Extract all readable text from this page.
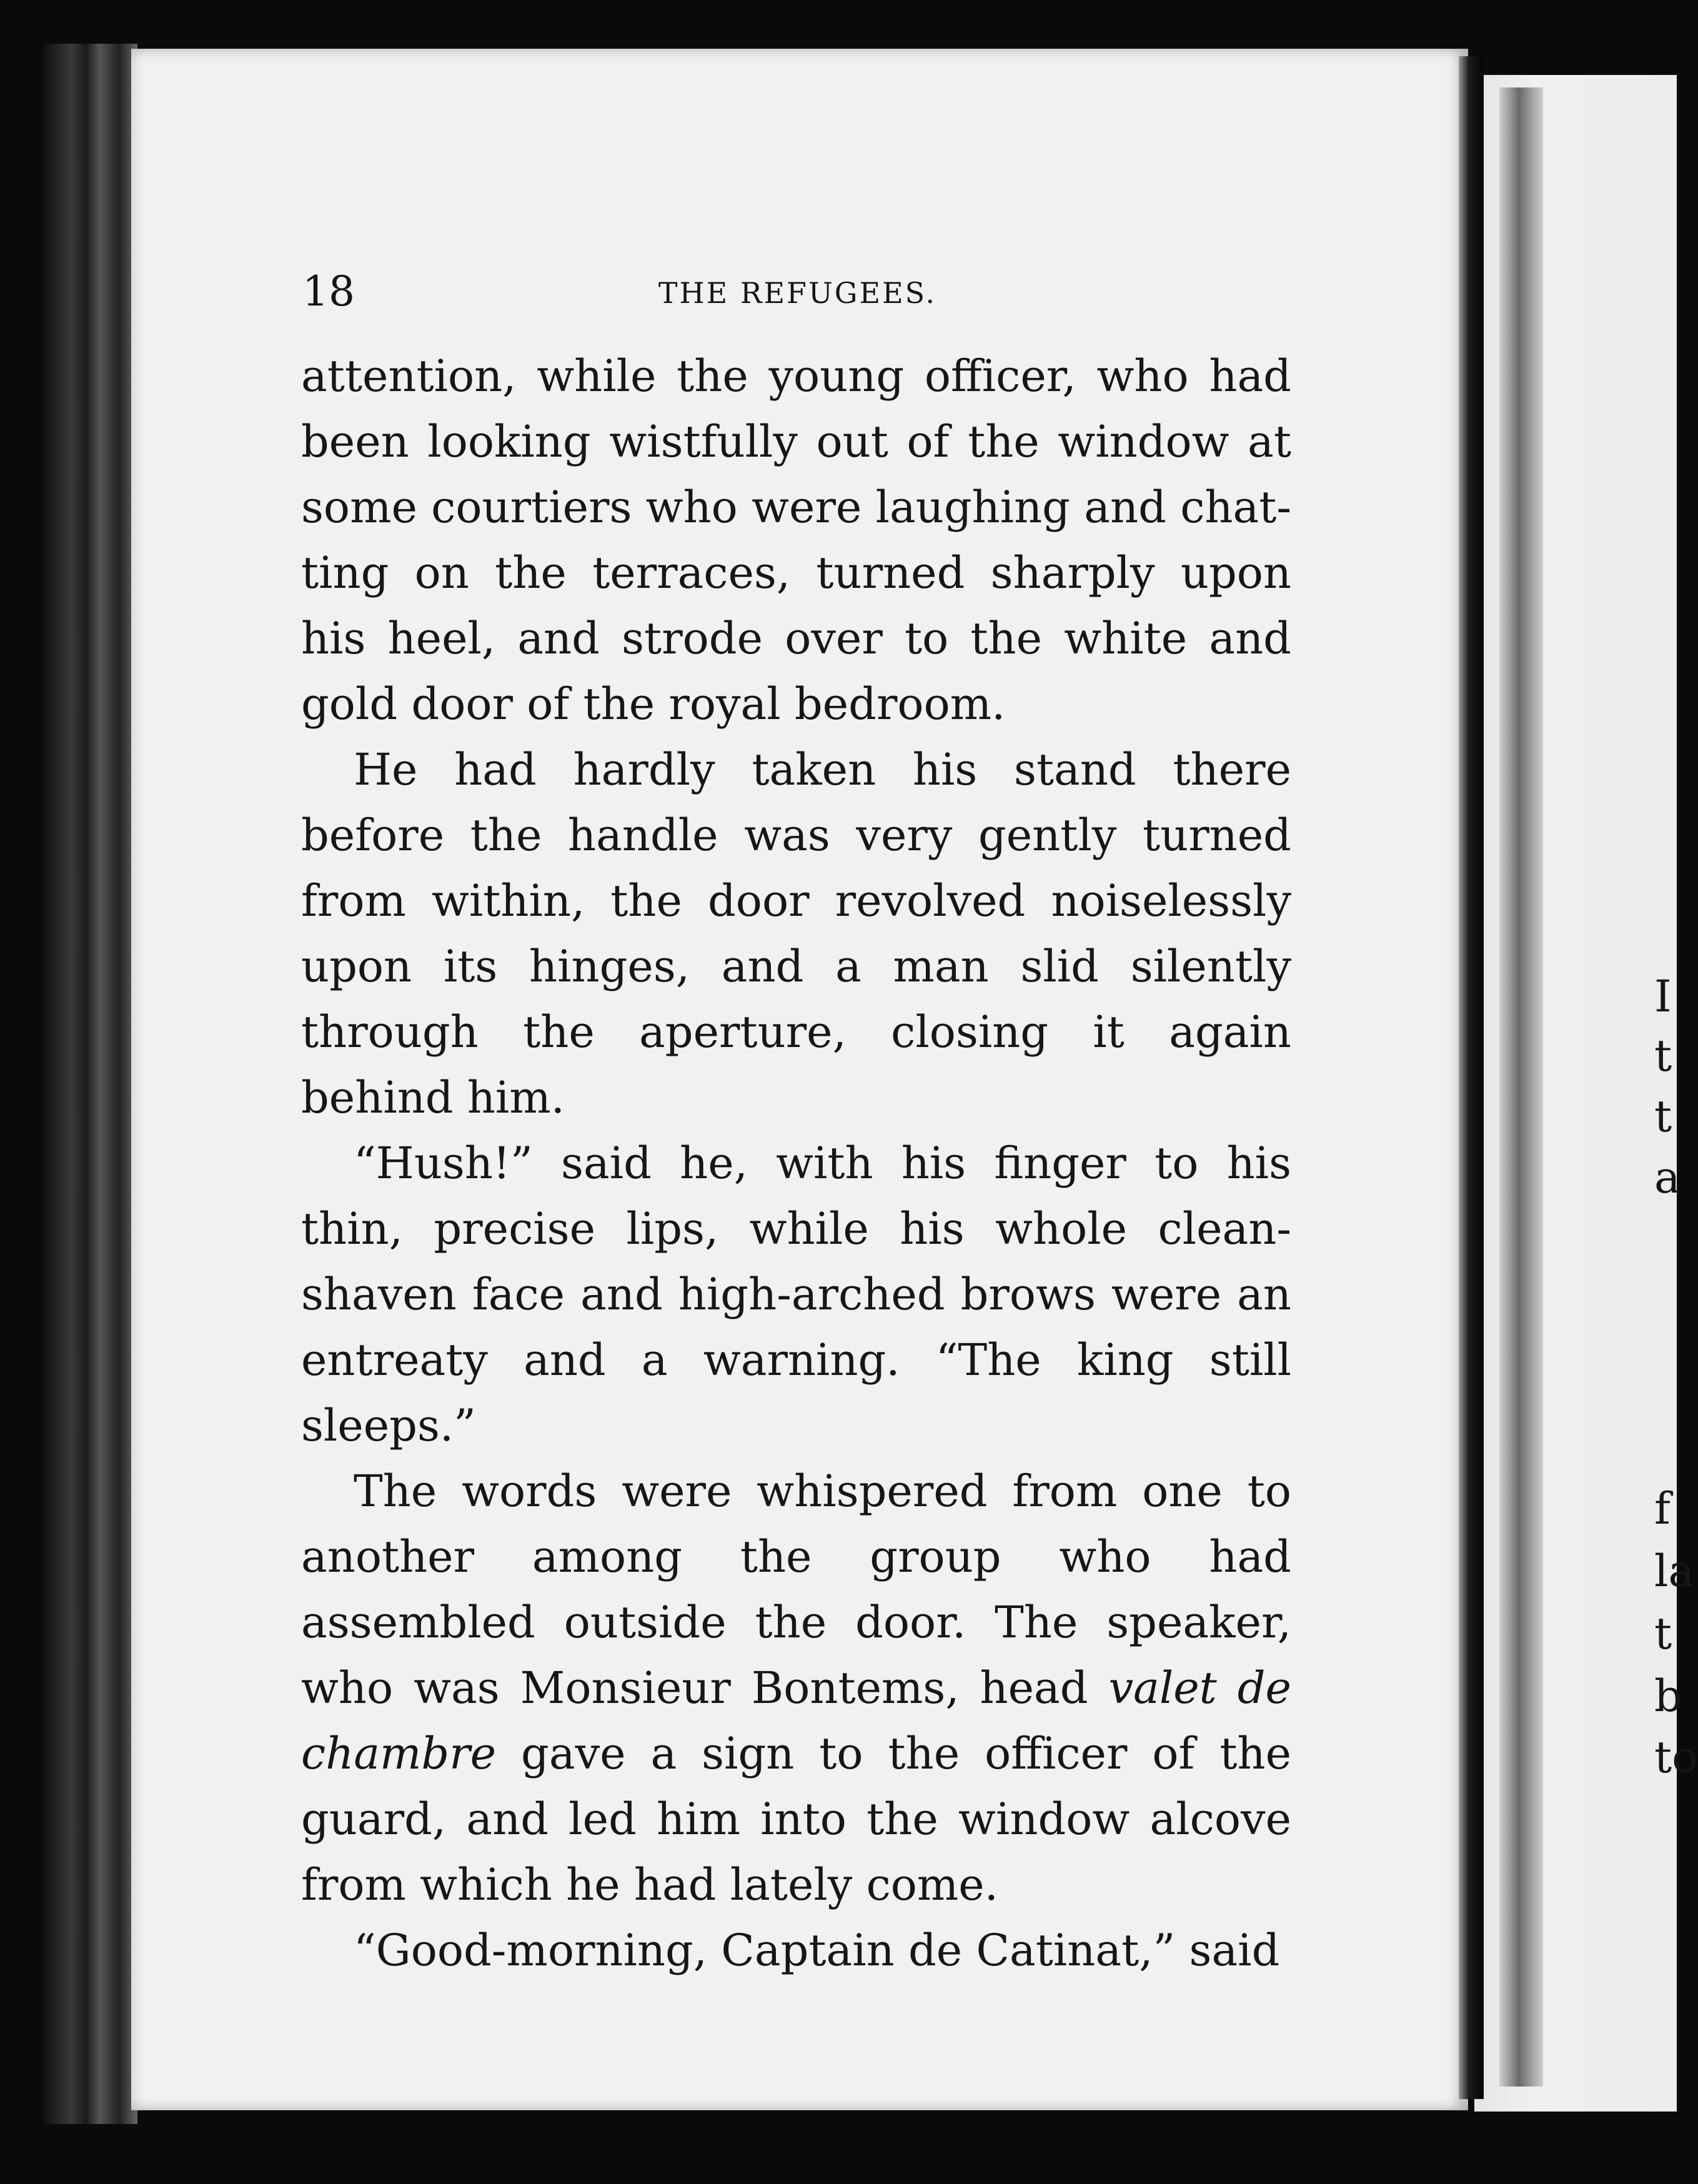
I
t
t
a
f
la
t
b
to
18	THE REFUGEES.

attention, while the young officer, who had been looking wistfully out of the window at some courtiers who were laughing and chatting on the terraces, turned sharply upon his heel, and strode over to the white and gold door of the royal bedroom.

He had hardly taken his stand there before the handle was very gently turned from within, the door revolved noiselessly upon its hinges, and a man slid silently through the aperture, closing it again behind him.

“Hush!” said he, with his finger to his thin, precise lips, while his whole clean-shaven face and high-arched brows were an entreaty and a warning. “The king still sleeps.”

The words were whispered from one to another among the group who had assembled outside the door. The speaker, who was Monsieur Bontems, head valet de chambre gave a sign to the officer of the guard, and led him into the window alcove from which he had lately come.

“Good-morning, Captain de Catinat,” said
